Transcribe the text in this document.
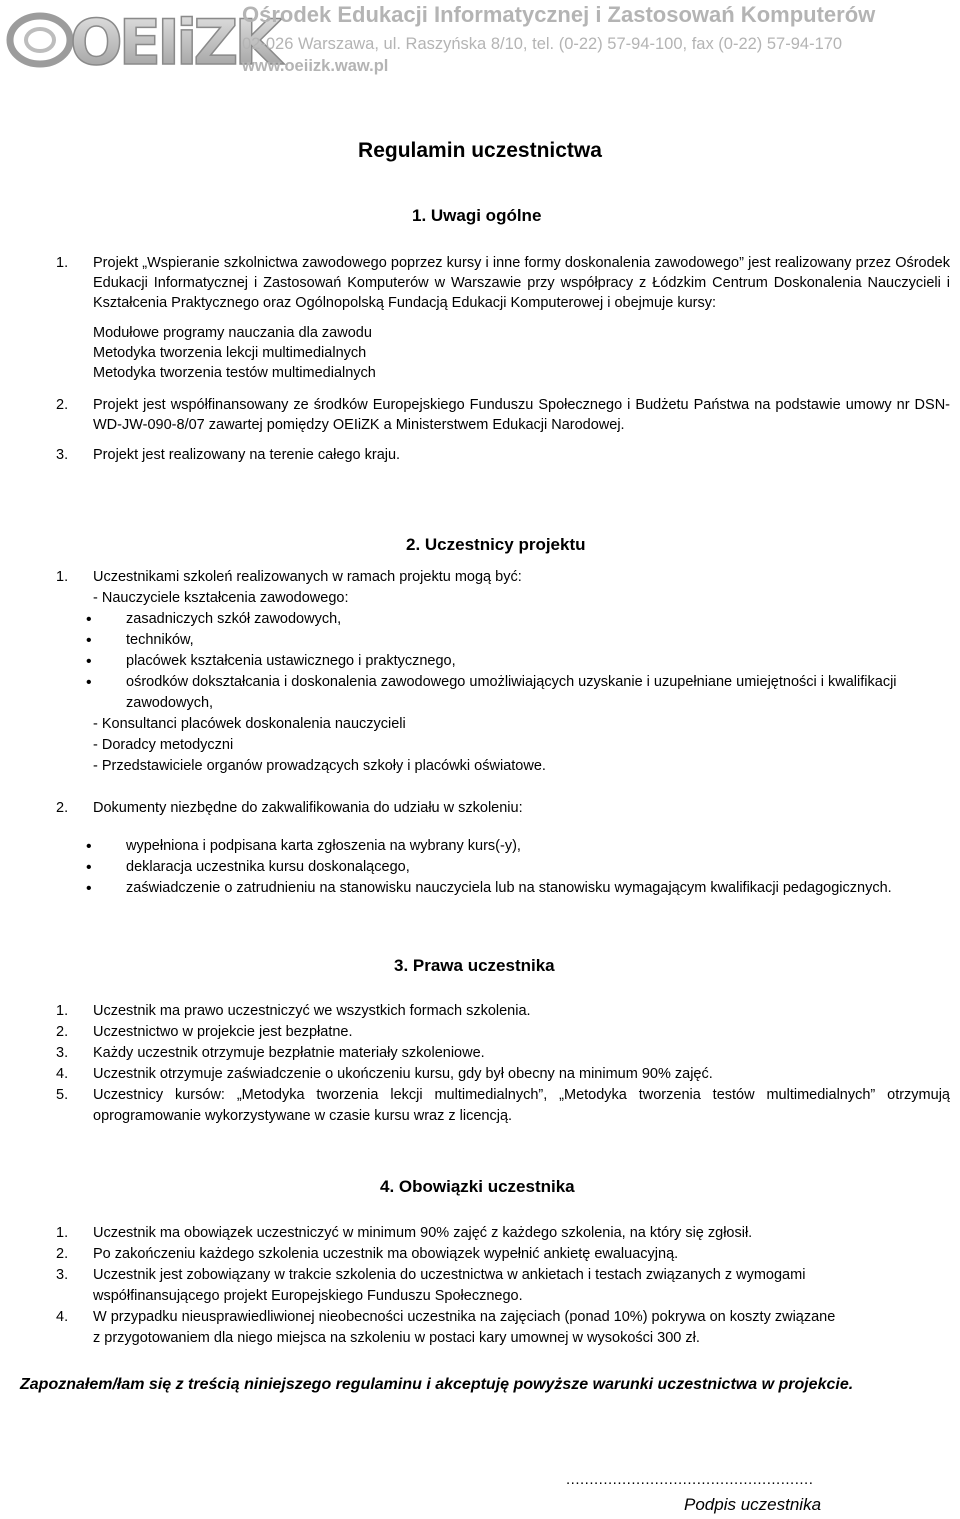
OEIiZK
Ośrodek Edukacji Informatycznej i Zastosowań Komputerów
02-026 Warszawa, ul. Raszyńska 8/10, tel. (0-22) 57-94-100, fax (0-22) 57-94-170
www.oeiizk.waw.pl
Regulamin uczestnictwa
1. Uwagi ogólne
1. Projekt „Wspieranie szkolnictwa zawodowego poprzez kursy i inne formy doskonalenia zawodowego” jest realizowany przez Ośrodek Edukacji Informatycznej i Zastosowań Komputerów w Warszawie przy współpracy z Łódzkim Centrum Doskonalenia Nauczycieli i Kształcenia Praktycznego oraz Ogólnopolską Fundacją Edukacji Komputerowej i obejmuje kursy:
Modułowe programy nauczania dla zawodu
Metodyka tworzenia lekcji multimedialnych
Metodyka tworzenia testów multimedialnych
2. Projekt jest współfinansowany ze środków Europejskiego Funduszu Społecznego i Budżetu Państwa na podstawie umowy nr DSN-WD-JW-090-8/07 zawartej pomiędzy OEIiZK a Ministerstwem Edukacji Narodowej.
3. Projekt jest realizowany na terenie całego kraju.
2. Uczestnicy projektu
1. Uczestnikami szkoleń realizowanych w ramach projektu mogą być:
- Nauczyciele kształcenia zawodowego:
• zasadniczych szkół zawodowych,
• techników,
• placówek kształcenia ustawicznego i praktycznego,
• ośrodków dokształcania i doskonalenia zawodowego umożliwiających uzyskanie i uzupełniane umiejętności i kwalifikacji zawodowych,
- Konsultanci placówek doskonalenia nauczycieli
- Doradcy metodyczni
- Przedstawiciele organów prowadzących szkoły i placówki oświatowe.
2. Dokumenty niezbędne do zakwalifikowania do udziału w szkoleniu:
• wypełniona i podpisana karta zgłoszenia na wybrany kurs(-y),
• deklaracja uczestnika kursu doskonalącego,
• zaświadczenie o zatrudnieniu na stanowisku nauczyciela lub na stanowisku wymagającym kwalifikacji pedagogicznych.
3. Prawa uczestnika
1. Uczestnik ma prawo uczestniczyć we wszystkich formach szkolenia.
2. Uczestnictwo w projekcie jest bezpłatne.
3. Każdy uczestnik otrzymuje bezpłatnie materiały szkoleniowe.
4. Uczestnik otrzymuje zaświadczenie o ukończeniu kursu, gdy był obecny na minimum 90% zajęć.
5. Uczestnicy kursów: „Metodyka tworzenia lekcji multimedialnych”, „Metodyka tworzenia testów multimedialnych” otrzymują oprogramowanie wykorzystywane w czasie kursu wraz z licencją.
4. Obowiązki uczestnika
1. Uczestnik ma obowiązek uczestniczyć w minimum 90% zajęć z każdego szkolenia, na który się zgłosił.
2. Po zakończeniu każdego szkolenia uczestnik ma obowiązek wypełnić ankietę ewaluacyjną.
3. Uczestnik jest zobowiązany w trakcie szkolenia do uczestnictwa w ankietach i testach związanych z wymogami współfinansującego projekt Europejskiego Funduszu Społecznego.
4. W przypadku nieusprawiedliwionej nieobecności uczestnika na zajęciach (ponad 10%) pokrywa on koszty związane
z przygotowaniem dla niego miejsca na szkoleniu w postaci kary umownej w wysokości 300 zł.
Zapoznałem/łam się z treścią niniejszego regulaminu i akceptuję powyższe warunki uczestnictwa w projekcie.
.....................................................
Podpis uczestnika
